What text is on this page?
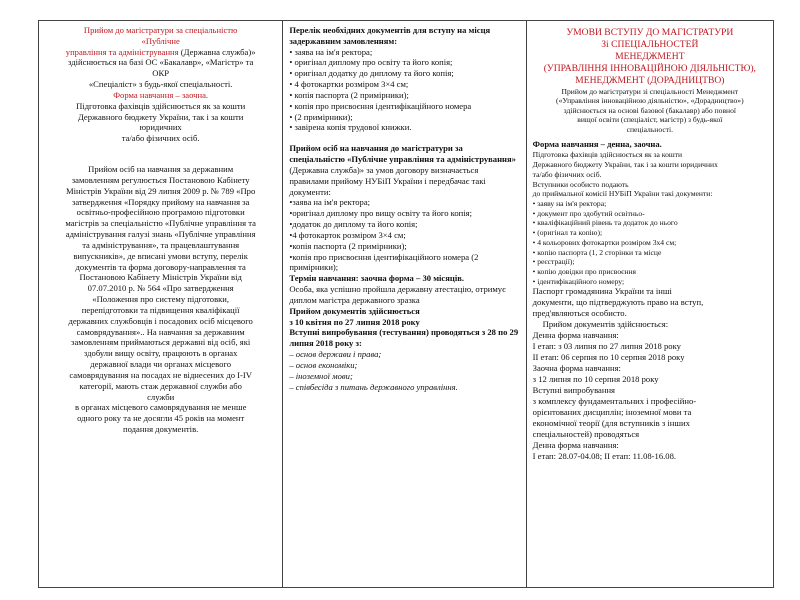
Прийом до магістратури за спеціальністю

«Публічне

управління та адміністрування (Державна служба)»

здійснюється на базі ОС «Бакалавр», «Магістр» та

ОКР

«Спеціаліст» з будь-якої спеціальності.

Форма навчання – заочна.

Підготовка фахівців здійснюється як за кошти

Державного бюджету України, так і за кошти

юридичних

та/або фізичних осіб.

Прийом осіб на навчання за державним

замовленням регулюється Постановою Кабінету

Міністрів України від 29 липня 2009 р. № 789 «Про

затвердження «Порядку прийому на навчання за

освітньо-професійною програмою підготовки

магістрів за спеціальністю «Публічне управління та

адміністрування галузі знань «Публічне управління

та адміністрування», та працевлаштування

випускників», де вписані умови вступу, перелік

документів та форма договору-направлення та

Постановою Кабінету Міністрів України від

07.07.2010 р. № 564 «Про затвердження

«Положення про систему підготовки,

перепідготовки та підвищення кваліфікації

державних службовців і посадових осіб місцевого

самоврядування».. На навчання за державним

замовленням приймаються державні від осіб, які

здобули вищу освіту, працюють в органах

державної влади чи органах місцевого

самоврядування на посадах не віднесених до I-IV

категорії, мають стаж державної служби або

служби

в органах місцевого самоврядування не менше

одного року та не досягли 45 років на момент

подання документів.

Перелік необхідних документів для вступу на місця задержавним замовленням:

• заява на ім'я ректора;
• оригінал диплому про освіту та його копія;
• оригінал додатку до диплому та його копія;
• 4 фотокартки розміром 3×4 см;
• копія паспорта (2 примірники);
• копія про присвоєння ідентифікаційного номера
• (2 примірники);
• завірена копія трудової книжки.

Прийом осіб на навчання до магістратури за спеціальністю «Публічне управління та адміністрування»

(Державна служба)» за умов договору визначається правилами прийому НУБіП України і передбачає такі документи:

• заява на ім'я ректора;

• оригінал диплому про вищу освіту та його копія;

• додаток до диплому та його копія;

• 4 фотокарток розміром 3×4 см;

• копія паспорта (2 примірники);

• копія про присвоєння ідентифікаційного номера (2 примірники);

Термін навчання: заочна форма – 30 місяців.

Особа, яка успішно пройшла державну атестацію, отримує диплом магістра державного зразка

Прийом документів здійснюється

з 10 квітня по 27 липня 2018 року

Вступні випробування (тестування) проводяться з 28 по 29 липня 2018 року з:

– основ держави і права;
– основ економіки;
– іноземної мови;
– співбесіда з питань державного управління.

УМОВИ ВСТУПУ ДО МАГІСТРАТУРИ

Зі СПЕЦІАЛЬНОСТЕЙ

МЕНЕДЖМЕНТ

(УПРАВЛІННЯ ІННОВАЦІЙНОЮ ДІЯЛЬНІСТЮ),

МЕНЕДЖМЕНТ (ДОРАДНИЦТВО)

Прийом до магістратури зі спеціальності Менеджмент

(«Управління інноваційною діяльністю», «Дорадництво»)

здійснюється на основі базової (бакалавр) або повної

вищої освіти (спеціаліст, магістр) з будь-якої

спеціальності.

Форма навчання – денна, заочна.

Підготовка фахівців здійснюється як за кошти

Державного бюджету України, так і за кошти юридичних

та/або фізичних осіб.

Вступники особисто подають

до приймальної комісії НУБіП України такі документи:

• заяву на ім'я ректора;
• документ про здобутий освітньо-
• кваліфікаційний рівень та додаток до нього
• (оригінал та копію);
• 4 кольорових фотокартки розміром 3x4 см;
• копію паспорта (1, 2 сторінки та місце
• реєстрації);
• копію довідки про присвоєння
• ідентифікаційного номеру;

Паспорт громадянина України та інші

документи, що підтверджують право на вступ,

пред'являються особисто.

Прийом документів здійснюється:

Денна форма навчання:

I етап: з 03 липня по 27 липня 2018 року

II етап: 06 серпня по 10 серпня 2018 року

Заочна форма навчання:

з 12 липня по 10 серпня 2018 року

Вступні випробування

з комплексу фундаментальних і професійно-

орієнтованих дисциплін; іноземної мови та

економічної теорії (для вступників з інших

спеціальностей) проводяться

Денна форма навчання:

I етап: 28.07-04.08; II етап: 11.08-16.08.
